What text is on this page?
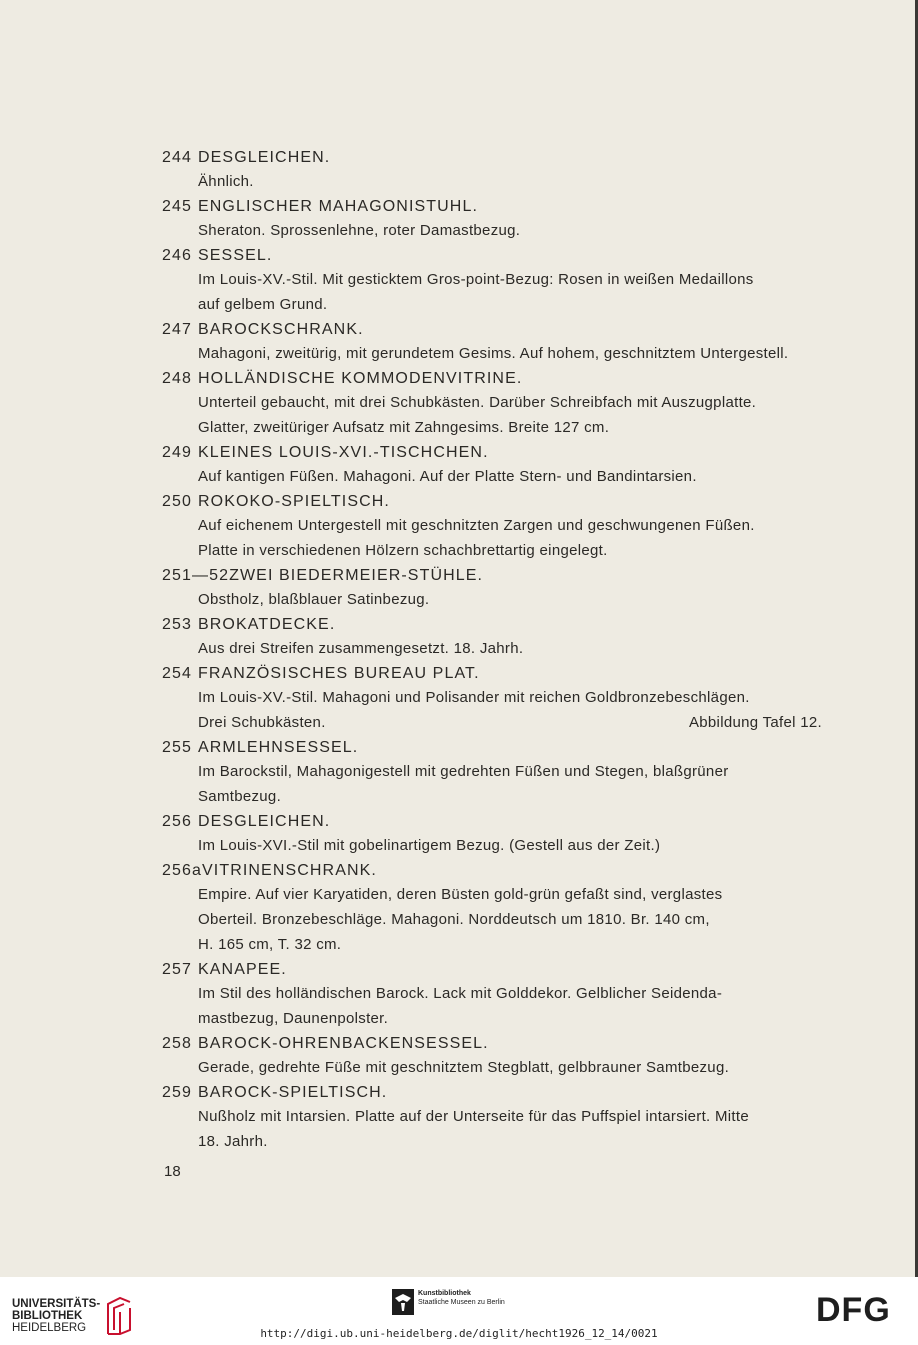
244 DESGLEICHEN.
Ähnlich.
245 ENGLISCHER MAHAGONISTUHL.
Sheraton. Sprossenlehne, roter Damastbezug.
246 SESSEL.
Im Louis-XV.-Stil. Mit gesticktem Gros-point-Bezug: Rosen in weißen Medaillons
auf gelbem Grund.
247 BAROCKSCHRANK.
Mahagoni, zweitürig, mit gerundetem Gesims. Auf hohem, geschnitztem Untergestell.
248 HOLLÄNDISCHE KOMMODENVITRINE.
Unterteil gebaucht, mit drei Schubkästen. Darüber Schreibfach mit Auszugplatte.
Glatter, zweitüriger Aufsatz mit Zahngesims. Breite 127 cm.
249 KLEINES LOUIS-XVI.-TISCHCHEN.
Auf kantigen Füßen. Mahagoni. Auf der Platte Stern- und Bandintarsien.
250 ROKOKO-SPIELTISCH.
Auf eichenem Untergestell mit geschnitzten Zargen und geschwungenen Füßen.
Platte in verschiedenen Hölzern schachbrettartig eingelegt.
251—52ZWEI BIEDERMEIER-STÜHLE.
Obstholz, blaßblauer Satinbezug.
253 BROKATDECKE.
Aus drei Streifen zusammengesetzt. 18. Jahrh.
254 FRANZÖSISCHES BUREAU PLAT.
Im Louis-XV.-Stil. Mahagoni und Polisander mit reichen Goldbronzebeschlägen.
Drei Schubkästen.	Abbildung Tafel 12.
255 ARMLEHNSESSEL.
Im Barockstil, Mahagonigestell mit gedrehten Füßen und Stegen, blaßgrüner
Samtbezug.
256 DESGLEICHEN.
Im Louis-XVI.-Stil mit gobelinartigem Bezug. (Gestell aus der Zeit.)
256aVITRINENSCHRANK.
Empire. Auf vier Karyatiden, deren Büsten gold-grün gefaßt sind, verglastes
Oberteil. Bronzebeschläge. Mahagoni. Norddeutsch um 1810. Br. 140 cm,
H. 165 cm, T. 32 cm.
257 KANAPEE.
Im Stil des holländischen Barock. Lack mit Golddekor. Gelblicher Seidenda-
mastbezug, Daunenpolster.
258 BAROCK-OHRENBACKENSESSEL.
Gerade, gedrehte Füße mit geschnitztem Stegblatt, gelbbrauner Samtbezug.
259 BAROCK-SPIELTISCH.
Nußholz mit Intarsien. Platte auf der Unterseite für das Puffspiel intarsiert. Mitte
18. Jahrh.
18
UNIVERSITÄTS-
BIBLIOTHEK
HEIDELBERG
Kunstbibliothek
Staatliche Museen zu Berlin	DFG
http://digi.ub.uni-heidelberg.de/diglit/hecht1926_12_14/0021
